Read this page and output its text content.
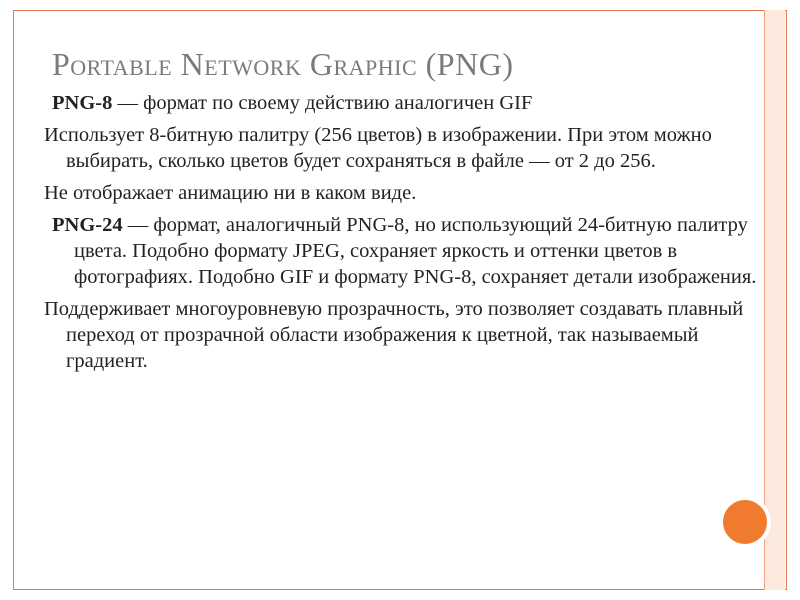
Portable Network Graphic (PNG)

PNG-8 — формат по своему действию аналогичен GIF

Использует 8-битную палитру (256 цветов) в изображении. При этом можно выбирать, сколько цветов будет сохраняться в файле — от 2 до 256.

Не отображает анимацию ни в каком виде.

PNG-24 — формат, аналогичный PNG-8, но использующий 24-битную палитру цвета. Подобно формату JPEG, сохраняет яркость и оттенки цветов в фотографиях. Подобно GIF и формату PNG-8, сохраняет детали изображения.

Поддерживает многоуровневую прозрачность, это позволяет создавать плавный переход от прозрачной области изображения к цветной, так называемый градиент.
